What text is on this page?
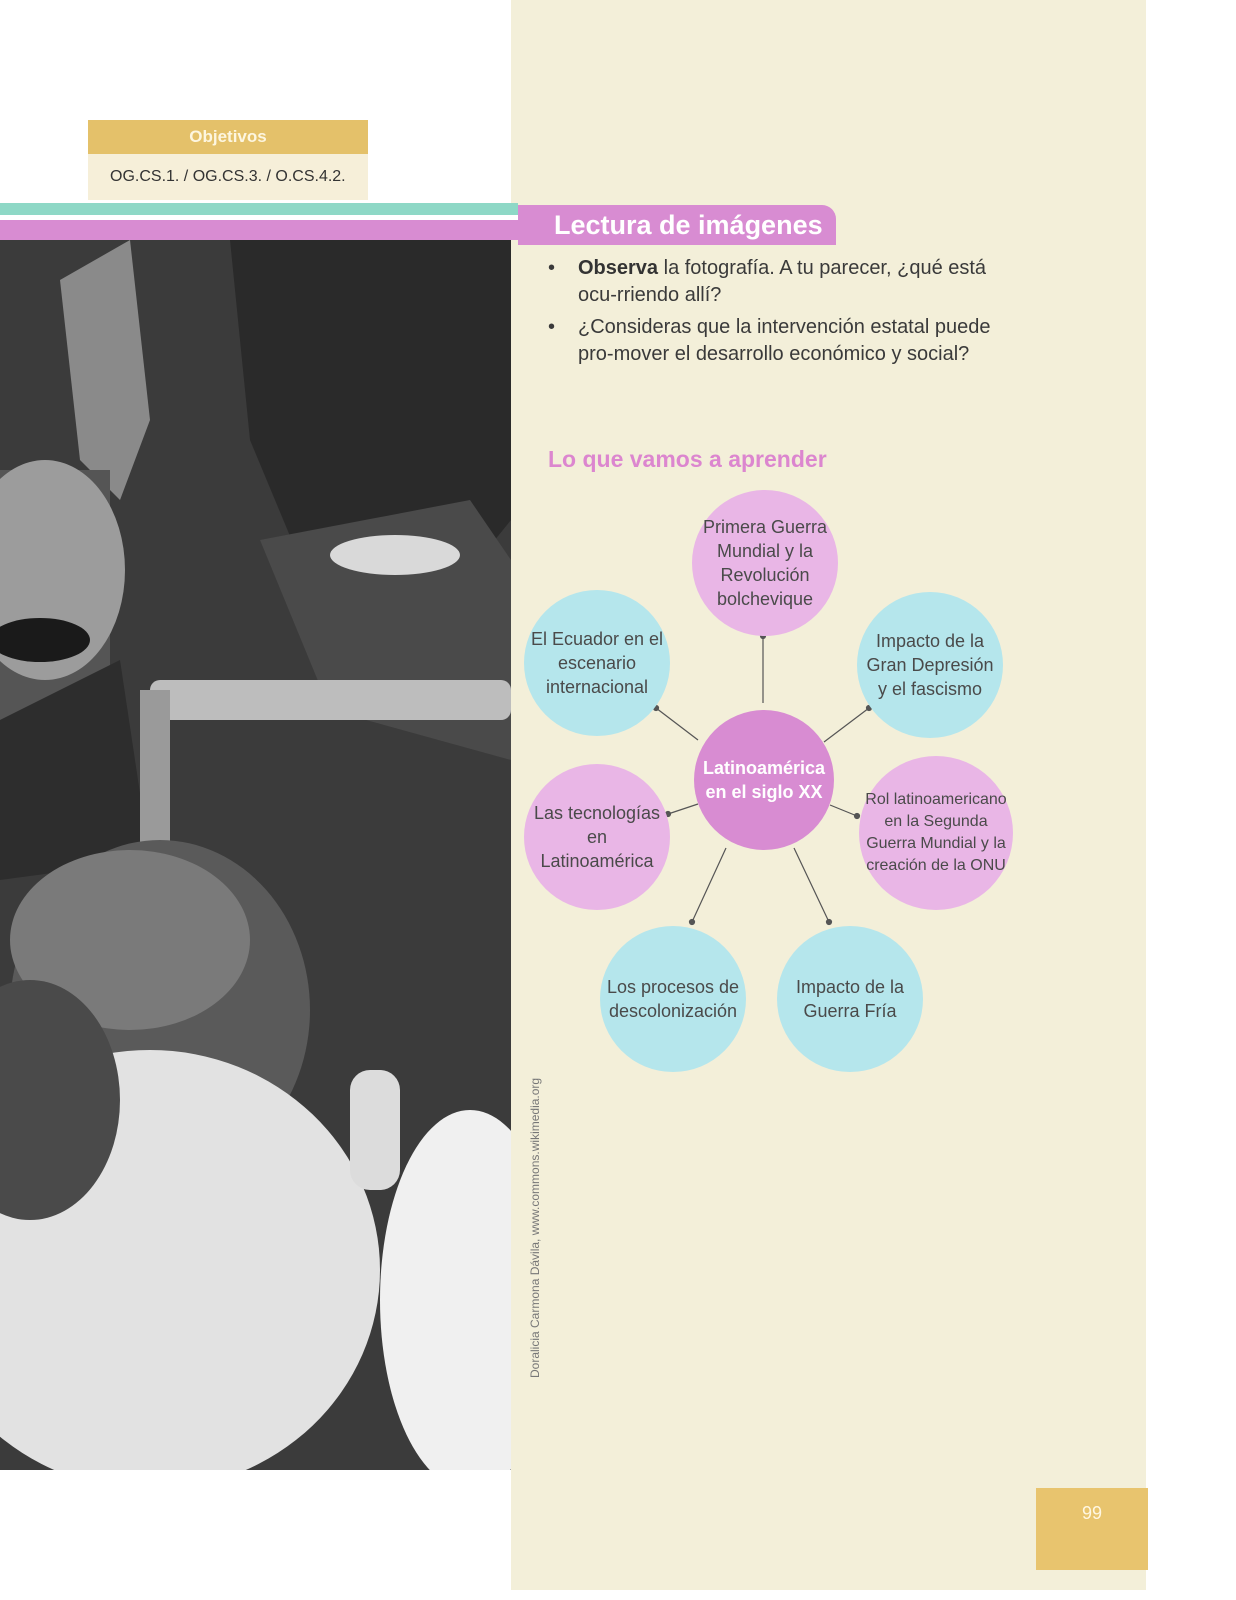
Objetivos
OG.CS.1. / OG.CS.3. / O.CS.4.2.
Doralicia Carmona Dávila, www.commons.wikimedia.org
Lectura de imágenes
•	Observa la fotografía. A tu parecer, ¿qué está ocu-rriendo allí?
•	¿Consideras que la intervención estatal puede pro-mover el desarrollo económico y social?
Lo que vamos a aprender
Latinoamérica en el siglo XX
Primera Guerra Mundial y la Revolución bolchevique
Impacto de la Gran Depresión y el fascismo
Rol latinoamericano en la Segunda Guerra Mundial y la creación de la ONU
Impacto de la Guerra Fría
Los procesos de descolonización
Las tecnologías en Latinoamérica
El Ecuador en el escenario internacional
99
